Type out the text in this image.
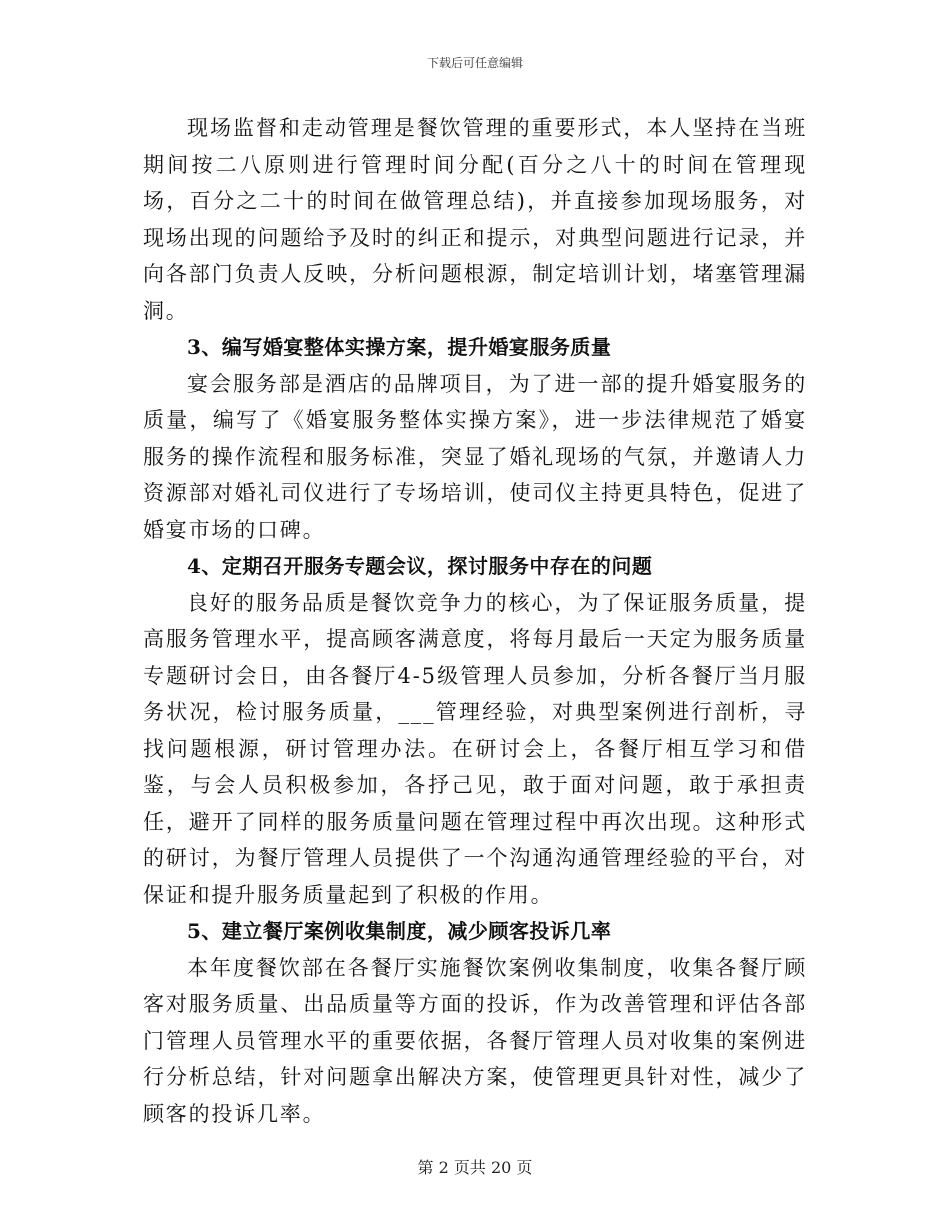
下载后可任意编辑

现场监督和走动管理是餐饮管理的重要形式，本人坚持在当班期间按二八原则进行管理时间分配(百分之八十的时间在管理现场，百分之二十的时间在做管理总结)，并直接参加现场服务，对现场出现的问题给予及时的纠正和提示，对典型问题进行记录，并向各部门负责人反映，分析问题根源，制定培训计划，堵塞管理漏洞。

3、编写婚宴整体实操方案，提升婚宴服务质量

宴会服务部是酒店的品牌项目，为了进一部的提升婚宴服务的质量，编写了《婚宴服务整体实操方案》，进一步法律规范了婚宴服务的操作流程和服务标准，突显了婚礼现场的气氛，并邀请人力资源部对婚礼司仪进行了专场培训，使司仪主持更具特色，促进了婚宴市场的口碑。

4、定期召开服务专题会议，探讨服务中存在的问题

良好的服务品质是餐饮竞争力的核心，为了保证服务质量，提高服务管理水平，提高顾客满意度，将每月最后一天定为服务质量专题研讨会日，由各餐厅4-5级管理人员参加，分析各餐厅当月服务状况，检讨服务质量，___管理经验，对典型案例进行剖析，寻找问题根源，研讨管理办法。在研讨会上，各餐厅相互学习和借鉴，与会人员积极参加，各抒己见，敢于面对问题，敢于承担责任，避开了同样的服务质量问题在管理过程中再次出现。这种形式的研讨，为餐厅管理人员提供了一个沟通沟通管理经验的平台，对保证和提升服务质量起到了积极的作用。

5、建立餐厅案例收集制度，减少顾客投诉几率

本年度餐饮部在各餐厅实施餐饮案例收集制度，收集各餐厅顾客对服务质量、出品质量等方面的投诉，作为改善管理和评估各部门管理人员管理水平的重要依据，各餐厅管理人员对收集的案例进行分析总结，针对问题拿出解决方案，使管理更具针对性，减少了顾客的投诉几率。

第 2 页共 20 页
